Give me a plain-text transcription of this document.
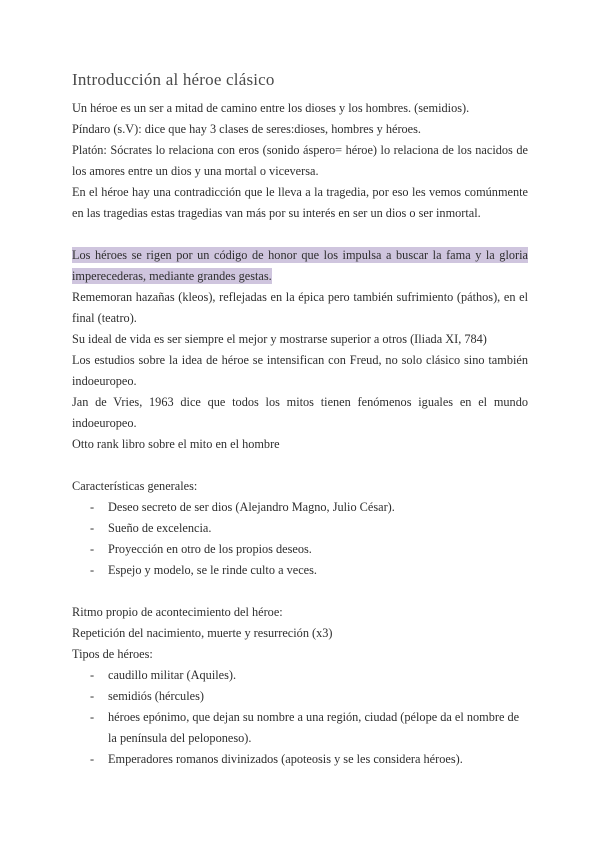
Introducción al héroe clásico

Un héroe es un ser a mitad de camino entre los dioses y los hombres. (semidios).

Píndaro (s.V): dice que hay 3 clases de seres:dioses, hombres y héroes.

Platón: Sócrates lo relaciona con eros (sonido áspero= héroe) lo relaciona de los nacidos de los amores entre un dios y una mortal o viceversa.

En el héroe hay una contradicción que le lleva a la tragedia, por eso les vemos comúnmente en las tragedias estas tragedias van más por su interés en ser un dios o ser inmortal.

Los héroes se rigen por un código de honor que los impulsa a buscar la fama y la gloria imperecederas, mediante grandes gestas.

Rememoran hazañas (kleos), reflejadas en la épica pero también sufrimiento (páthos), en el final (teatro).

Su ideal de vida es ser siempre el mejor y mostrarse superior a otros (Iliada XI, 784)

Los estudios sobre la idea de héroe se intensifican con Freud, no solo clásico sino también indoeuropeo.

Jan de Vries, 1963 dice que todos los mitos tienen fenómenos iguales en el mundo indoeuropeo.

Otto rank libro sobre el mito en el hombre

Características generales:

- Deseo secreto de ser dios (Alejandro Magno, Julio César).
- Sueño de excelencia.
- Proyección en otro de los propios deseos.
- Espejo y modelo, se le rinde culto a veces.

Ritmo propio de acontecimiento del héroe:

Repetición del nacimiento, muerte y resurreción (x3)

Tipos de héroes:

- caudillo militar (Aquiles).
- semidiós (hércules)
- héroes epónimo, que dejan su nombre a una región, ciudad (pélope da el nombre de la península del peloponeso).
- Emperadores romanos divinizados (apoteosis y se les considera héroes).
